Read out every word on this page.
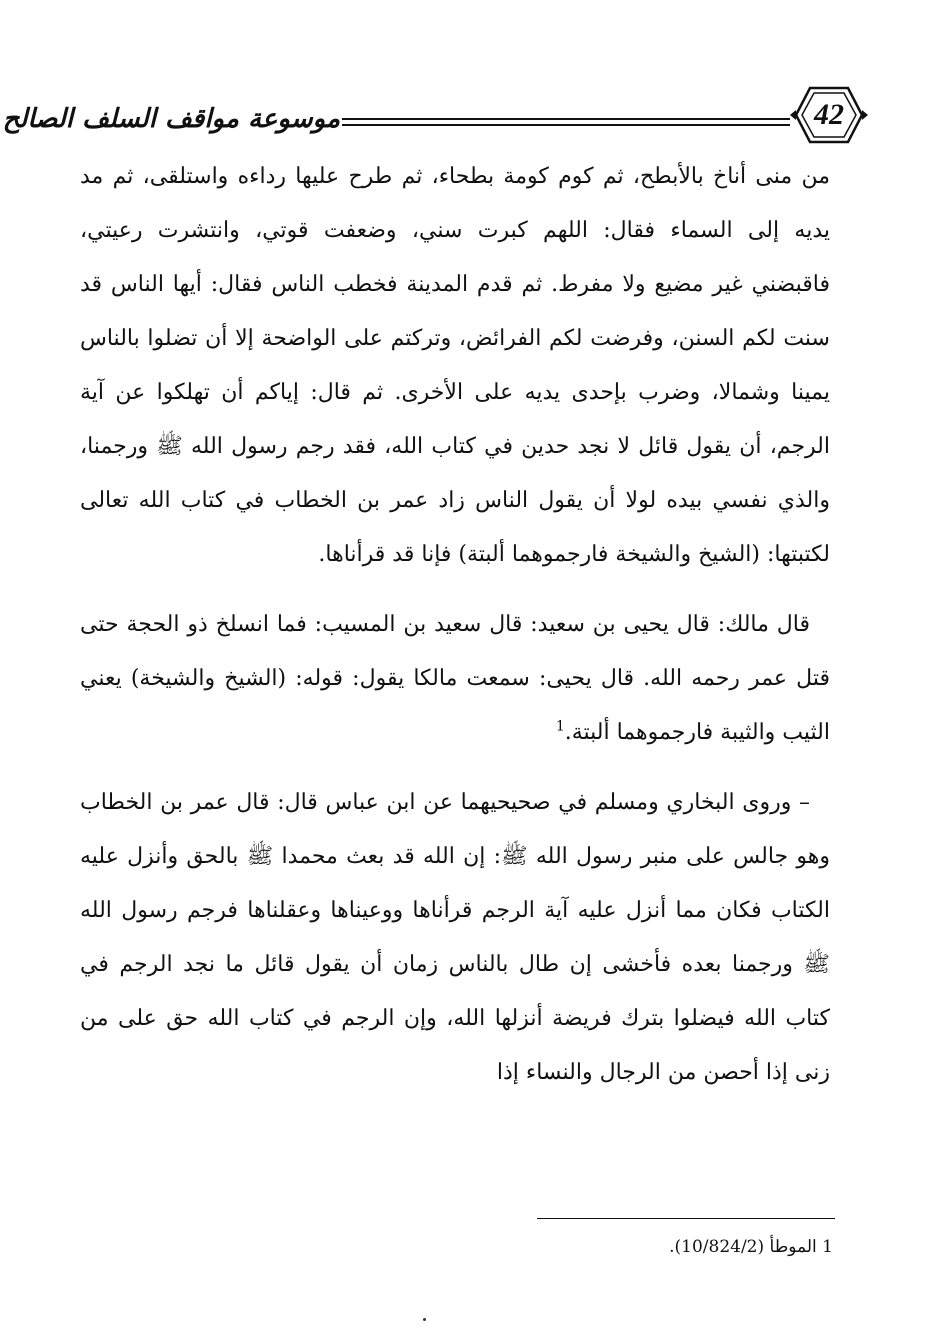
موسوعة مواقف السلف الصالح	42

من منى أناخ بالأبطح، ثم كوم كومة بطحاء، ثم طرح عليها رداءه واستلقى، ثم مد يديه إلى السماء فقال: اللهم كبرت سني، وضعفت قوتي، وانتشرت رعيتي، فاقبضني غير مضيع ولا مفرط. ثم قدم المدينة فخطب الناس فقال: أيها الناس قد سنت لكم السنن، وفرضت لكم الفرائض، وتركتم على الواضحة إلا أن تضلوا بالناس يمينا وشمالا، وضرب بإحدى يديه على الأخرى. ثم قال: إياكم أن تهلكوا عن آية الرجم، أن يقول قائل لا نجد حدين في كتاب الله، فقد رجم رسول الله ﷺ ورجمنا، والذي نفسي بيده لولا أن يقول الناس زاد عمر بن الخطاب في كتاب الله تعالى لكتبتها: (الشيخ والشيخة فارجموهما ألبتة) فإنا قد قرأناها.

قال مالك: قال يحيى بن سعيد: قال سعيد بن المسيب: فما انسلخ ذو الحجة حتى قتل عمر رحمه الله. قال يحيى: سمعت مالكا يقول: قوله: (الشيخ والشيخة) يعني الثيب والثيبة فارجموهما ألبتة.$^1$

– وروى البخاري ومسلم في صحيحيهما عن ابن عباس قال: قال عمر بن الخطاب وهو جالس على منبر رسول الله ﷺ: إن الله قد بعث محمدا ﷺ بالحق وأنزل عليه الكتاب فكان مما أنزل عليه آية الرجم قرأناها ووعيناها وعقلناها فرجم رسول الله ﷺ ورجمنا بعده فأخشى إن طال بالناس زمان أن يقول قائل ما نجد الرجم في كتاب الله فيضلوا بترك فريضة أنزلها الله، وإن الرجم في كتاب الله حق على من زنى إذا أحصن من الرجال والنساء إذا

1 الموطأ (10/824/2).
